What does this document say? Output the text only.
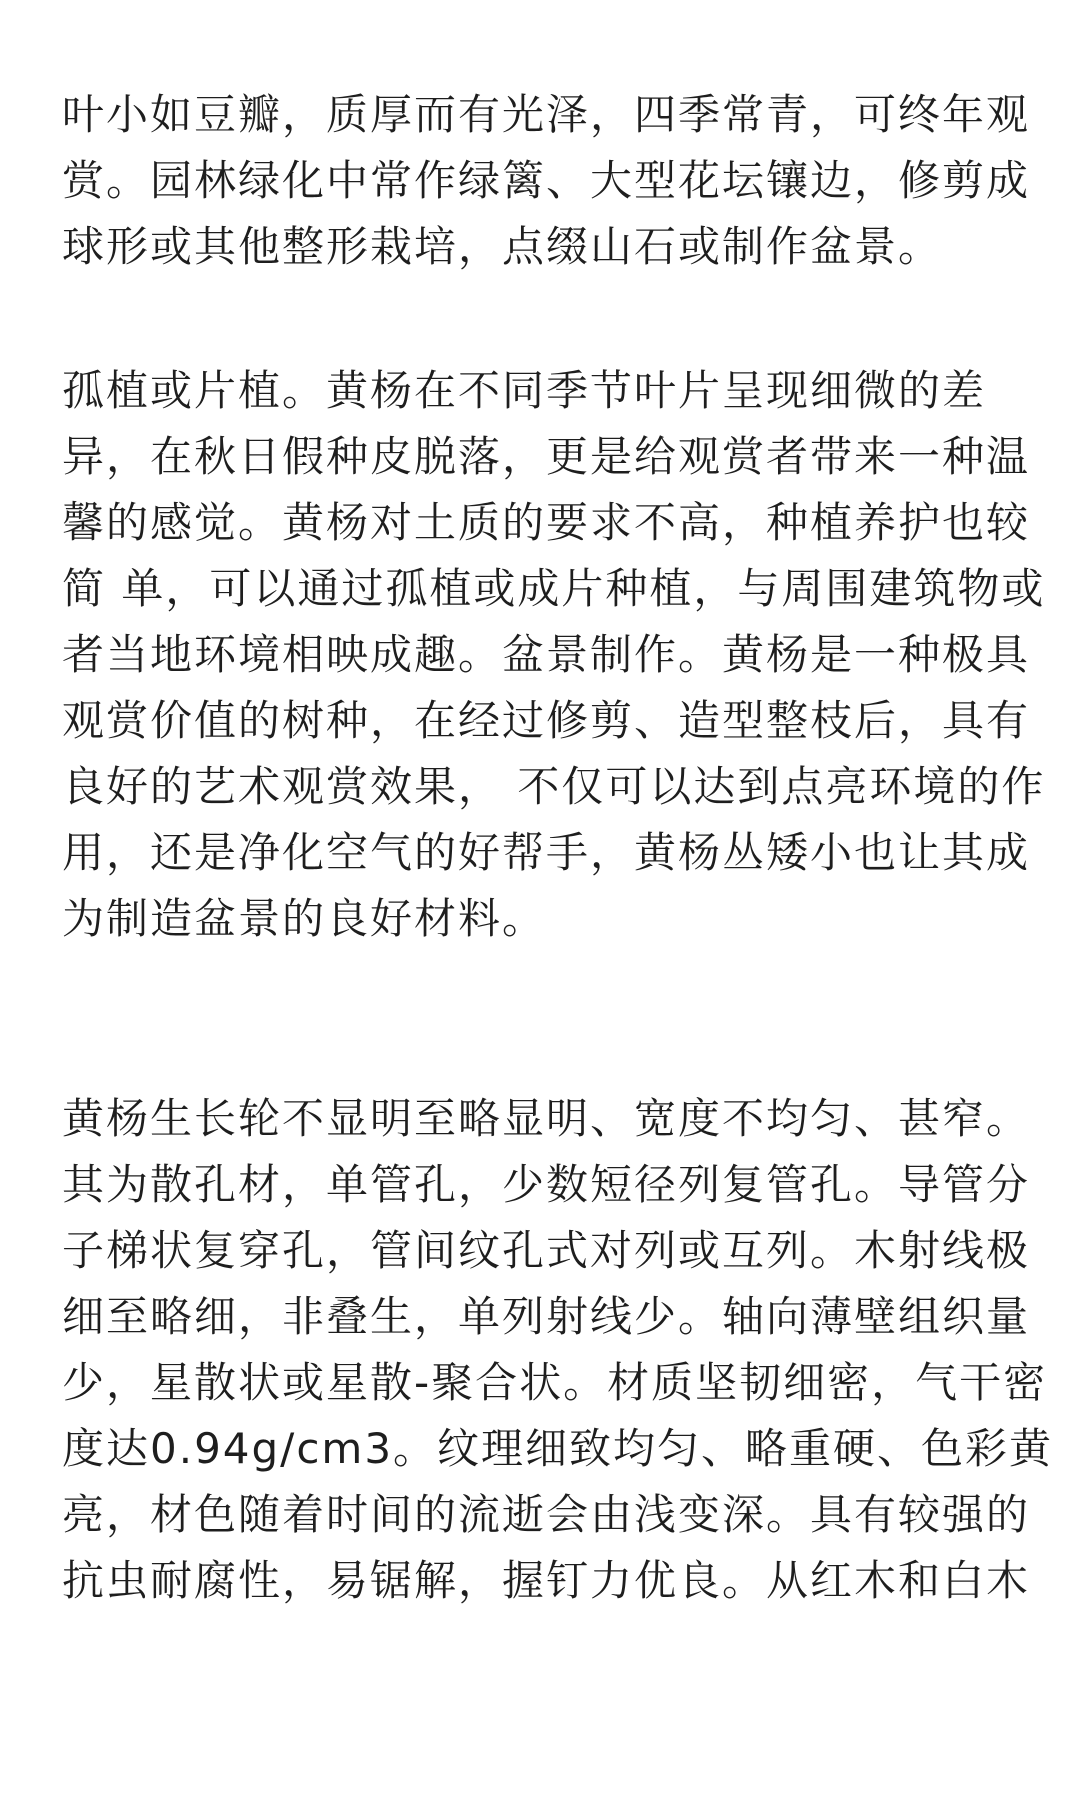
叶小如豆瓣，质厚而有光泽，四季常青，可终年观
赏。园林绿化中常作绿篱、大型花坛镶边，修剪成
球形或其他整形栽培，点缀山石或制作盆景。
孤植或片植。黄杨在不同季节叶片呈现细微的差
异，在秋日假种皮脱落，更是给观赏者带来一种温
馨的感觉。黄杨对土质的要求不高，种植养护也较
简 单，可以通过孤植或成片种植，与周围建筑物或
者当地环境相映成趣。盆景制作。黄杨是一种极具
观赏价值的树种，在经过修剪、造型整枝后，具有
良好的艺术观赏效果， 不仅可以达到点亮环境的作
用，还是净化空气的好帮手，黄杨丛矮小也让其成
为制造盆景的良好材料。
黄杨生长轮不显明至略显明、宽度不均匀、甚窄。
其为散孔材，单管孔，少数短径列复管孔。导管分
子梯状复穿孔，管间纹孔式对列或互列。木射线极
细至略细，非叠生，单列射线少。轴向薄壁组织量
少，星散状或星散-聚合状。材质坚韧细密，气干密
度达0.94g/cm3。纹理细致均匀、略重硬、色彩黄
亮，材色随着时间的流逝会由浅变深。具有较强的
抗虫耐腐性，易锯解，握钉力优良。从红木和白木
